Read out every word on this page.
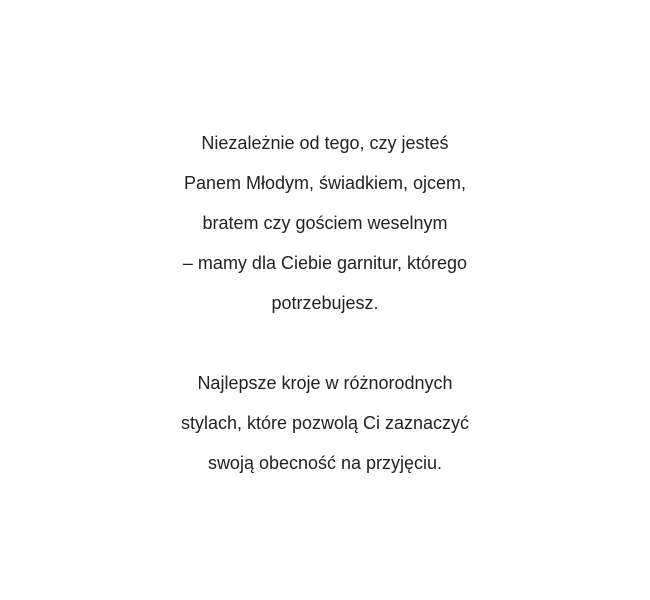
Niezależnie od tego, czy jesteś
Panem Młodym, świadkiem, ojcem,
bratem czy gościem weselnym
– mamy dla Ciebie garnitur, którego
potrzebujesz.

Najlepsze kroje w różnorodnych
stylach, które pozwolą Ci zaznaczyć
swoją obecność na przyjęciu.
